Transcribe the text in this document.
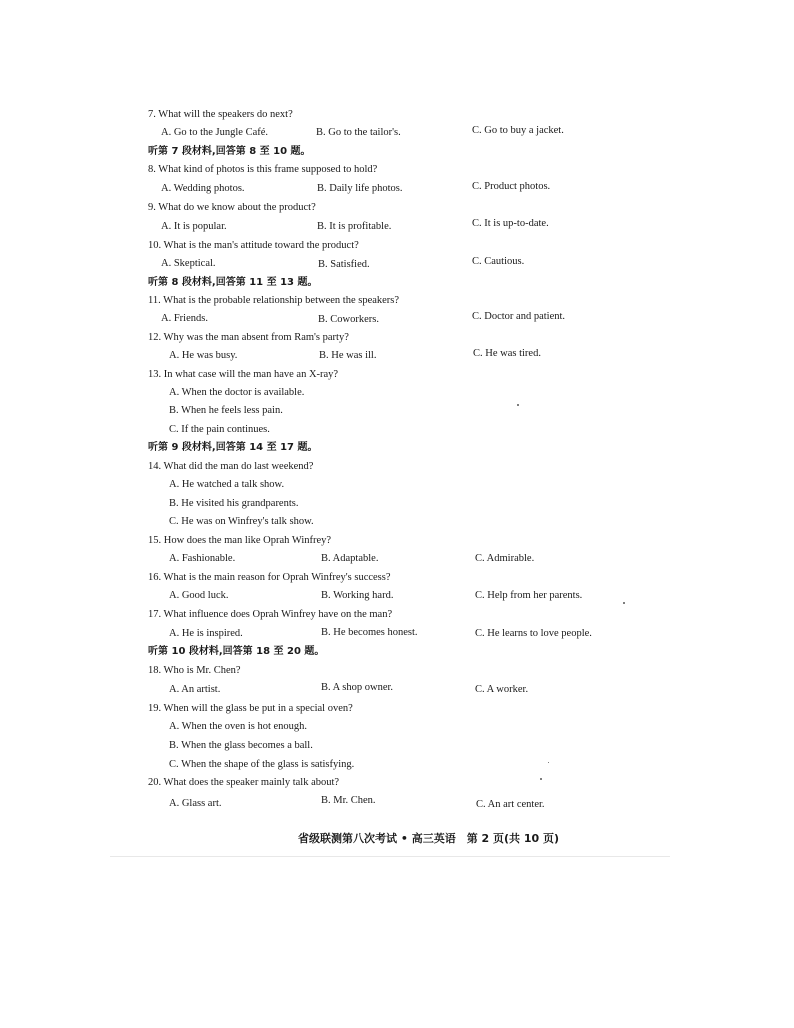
7. What will the speakers do next?
A. Go to the Jungle Café.	B. Go to the tailor's.	C. Go to buy a jacket.
听第 7 段材料,回答第 8 至 10 题。
8. What kind of photos is this frame supposed to hold?
A. Wedding photos.	B. Daily life photos.	C. Product photos.
9. What do we know about the product?
A. It is popular.	B. It is profitable.	C. It is up-to-date.
10. What is the man's attitude toward the product?
A. Skeptical.	B. Satisfied.	C. Cautious.
听第 8 段材料,回答第 11 至 13 题。
11. What is the probable relationship between the speakers?
A. Friends.	B. Coworkers.	C. Doctor and patient.
12. Why was the man absent from Ram's party?
A. He was busy.	B. He was ill.	C. He was tired.
13. In what case will the man have an X-ray?
A. When the doctor is available.
B. When he feels less pain.
C. If the pain continues.
听第 9 段材料,回答第 14 至 17 题。
14. What did the man do last weekend?
A. He watched a talk show.
B. He visited his grandparents.
C. He was on Winfrey's talk show.
15. How does the man like Oprah Winfrey?
A. Fashionable.	B. Adaptable.	C. Admirable.
16. What is the main reason for Oprah Winfrey's success?
A. Good luck.	B. Working hard.	C. Help from her parents.
17. What influence does Oprah Winfrey have on the man?
A. He is inspired.	B. He becomes honest.	C. He learns to love people.
听第 10 段材料,回答第 18 至 20 题。
18. Who is Mr. Chen?
A. An artist.	B. A shop owner.	C. A worker.
19. When will the glass be put in a special oven?
A. When the oven is hot enough.
B. When the glass becomes a ball.
C. When the shape of the glass is satisfying.
20. What does the speaker mainly talk about?
A. Glass art.	B. Mr. Chen.	C. An art center.
省级联测第八次考试 • 高三英语　第 2 页(共 10 页)
